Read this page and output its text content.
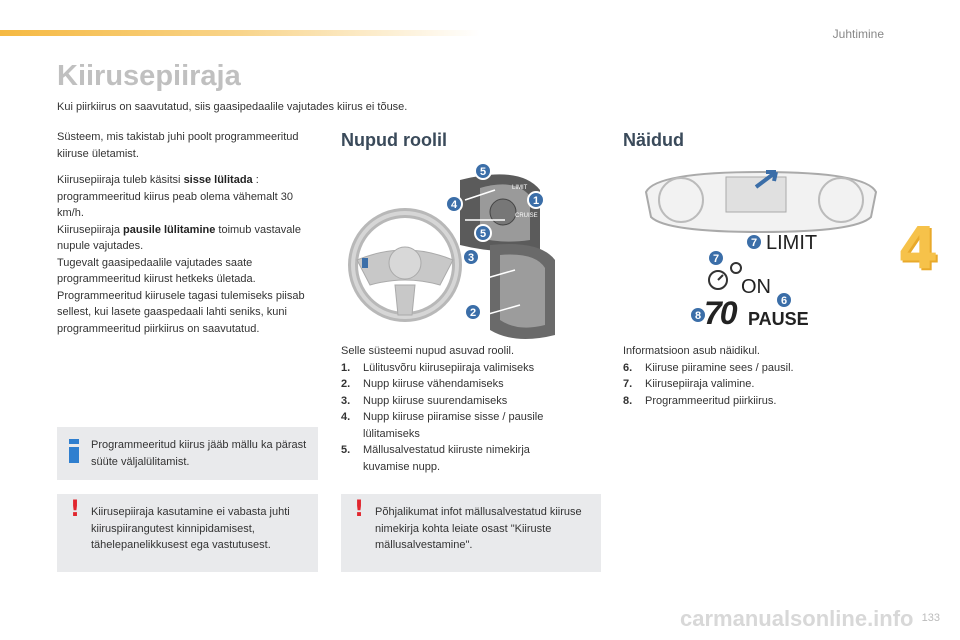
Juhtimine
4
Kiirusepiiraja
Kui piirkiirus on saavutatud, siis gaasipedaalile vajutades kiirus ei tõuse.

Süsteem, mis takistab juhi poolt programmeeritud kiiruse ületamist.

Kiirusepiiraja tuleb käsitsi sisse lülitada : programmeeritud kiirus peab olema vähemalt 30 km/h.

Kiirusepiiraja pausile lülitamine toimub vastavale nupule vajutades.

Tugevalt gaasipedaalile vajutades saate programmeeritud kiirust hetkeks ületada.

Programmeeritud kiirusele tagasi tulemiseks piisab sellest, kui lasete gaaspedaali lahti seniks, kuni programmeeritud piirkiirus on saavutatud.

Programmeeritud kiirus jääb mällu ka pärast süüte väljalülitamist.
! Kiirusepiiraja kasutamine ei vabasta juhti kiiruspiirangutest kinnipidamisest, tähelepanelikkusest ega vastutusest.
Nupud roolil
LIMIT
CRUISE
5
1
4
5
3
2
Selle süsteemi nupud asuvad roolil.
1.	Lülitusvõru kiirusepiiraja valimiseks
2.	Nupp kiiruse vähendamiseks
3.	Nupp kiiruse suurendamiseks
4.	Nupp kiiruse piiramise sisse / pausile lülitamiseks
5.	Mällusalvestatud kiiruste nimekirja kuvamise nupp.
! Põhjalikumat infot mällusalvestatud kiiruse nimekirja kohta leiate osast "Kiiruste mällusalvestamine".
Näidud
7
7
6
8
LIMIT
ON
70 PAUSE
Informatsioon asub näidikul.
6.	Kiiruse piiramine sees / pausil.
7.	Kiirusepiiraja valimine.
8.	Programmeeritud piirkiirus.
carmanualsonline.info 133
